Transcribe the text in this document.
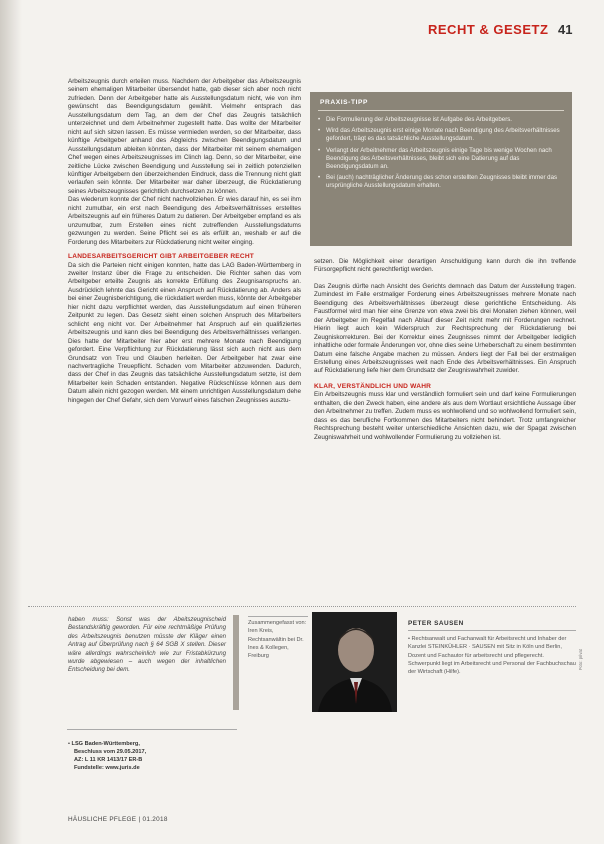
RECHT & GESETZ 41

Arbeitszeugnis durch erteilen muss. Nachdem der Arbeitgeber das Arbeitszeugnis seinem ehemaligen Mitarbeiter übersendet hatte, gab dieser sich aber noch nicht zufrieden. Denn der Arbeitgeber hatte als Ausstellungsdatum nicht, wie von ihm gewünscht das Beendigungsdatum gewählt. Vielmehr entsprach das Ausstellungsdatum dem Tag, an dem der Chef das Zeugnis tatsächlich unterzeichnet und dem Arbeitnehmer zugestellt hatte. Das wollte der Mitarbeiter nicht auf sich sitzen lassen. Es müsse vermieden werden, so der Mitarbeiter, dass künftige Arbeitgeber anhand des Abgleichs zwischen Beendigungsdatum und Ausstellungsdatum ableiten könnten, dass der Mitarbeiter mit seinem ehemaligen Chef wegen eines Arbeitszeugnisses im Clinch lag. Denn, so der Mitarbeiter, eine zeitliche Lücke zwischen Beendigung und Ausstellung sei in zeitlich potenziellen künftiger Arbeitgebern den überzeichenden Eindruck, dass die Trennung nicht glatt verlaufen sein könnte. Der Mitarbeiter war daher überzeugt, die Rückdatierung seines Arbeitszeugnisses gerichtlich durchsetzen zu können.

Das wiederum konnte der Chef nicht nachvollziehen. Er wies darauf hin, es sei ihm nicht zumutbar, ein erst nach Beendigung des Arbeitsverhältnisses erstelltes Arbeitszeugnis auf ein früheres Datum zu datieren. Der Arbeitgeber empfand es als unzumutbar, zum Erstellen eines nicht zutreffenden Ausstellungsdatums gezwungen zu werden. Seine Pflicht sei es als erfüllt an, weshalb er auf die Forderung des Mitarbeiters zur Rückdatierung nicht weiter einging.

LANDESARBEITSGERICHT GIBT ARBEITGEBER RECHT

Da sich die Parteien nicht einigen konnten, hatte das LAG Baden-Württemberg in zweiter Instanz über die Frage zu entscheiden. Die Richter sahen das vom Arbeitgeber erteilte Zeugnis als korrekte Erfüllung des Zeugnisanspruchs an. Ausdrücklich lehnte das Gericht einen Anspruch auf Rückdatierung ab. Anders als bei einer Zeugnisberichtigung, die rückdatiert werden muss, könnte der Arbeitgeber hier nicht dazu verpflichtet werden, das Ausstellungsdatum auf einen früheren Zeitpunkt zu legen. Das Gesetz sieht einen solchen Anspruch des Mitarbeiters schlicht eng nicht vor. Der Arbeitnehmer hat Anspruch auf ein qualifiziertes Arbeitszeugnis und kann dies bei Beendigung des Arbeitsverhältnisses verlangen. Dies hatte der Mitarbeiter hier aber erst mehrere Monate nach Beendigung gefordert. Eine Verpflichtung zur Rückdatierung lässt sich auch nicht aus dem Grundsatz von Treu und Glauben herleiten. Der Arbeitgeber hat zwar eine nachvertragliche Treuepflicht. Schaden vom Mitarbeiter abzuwenden. Dadurch, dass der Chef in das Zeugnis das tatsächliche Ausstellungsdatum setzte, ist dem Mitarbeiter kein Schaden entstanden. Negative Rückschlüsse können aus dem Datum allein nicht gezogen werden. Mit einem unrichtigen Ausstellungsdatum dehe hingegen der Chef Gefahr, sich dem Vorwurf eines falschen Zeugnisses ausztu-

PRAXIS-TIPP
• Die Formulierung der Arbeitszeugnisse ist Aufgabe des Arbeitgebers.
• Wird das Arbeitszeugnis erst einige Monate nach Beendigung des Arbeitsverhältnisses gefordert, trägt es das tatsächliche Ausstellungsdatum.
• Verlangt der Arbeitnehmer das Arbeitszeugnis einige Tage bis wenige Wochen nach Beendigung des Arbeitsverhältnisses, bleibt sich eine Datierung auf das Beendigungsdatum an.
• Bei (auch) nachträglicher Änderung des schon erstellten Zeugnisses bleibt immer das ursprüngliche Ausstellungsdatum erhalten.

setzen. Die Möglichkeit einer derartigen Anschuldigung kann durch die ihn treffende Fürsorgepflicht nicht gerechtfertigt werden.

Das Zeugnis dürfte nach Ansicht des Gerichts demnach das Datum der Ausstellung tragen. Zumindest im Falle erstmaliger Forderung eines Arbeitszeugnisses mehrere Monate nach Beendigung des Arbeitsverhältnisses überzeugt diese gerichtliche Entscheidung. Als Faustformel wird man hier eine Grenze von etwa zwei bis drei Monaten ziehen können, weil der Arbeitgeber im Regelfall nach Ablauf dieser Zeit nicht mehr mit Forderungen rechnet. Hierin liegt auch kein Widerspruch zur Rechtsprechung der Rückdatierung bei Zeugniskorrekturen. Bei der Korrektur eines Zeugnisses nimmt der Arbeitgeber lediglich inhaltliche oder formale Änderungen vor, ohne dies seine Urheberschaft zu einem bestimmten Datum eine falsche Angabe machen zu müssen. Anders liegt der Fall bei der erstmaligen Erstellung eines Arbeitszeugnisses weit nach Ende des Arbeitsverhältnisses. Ein Anspruch auf Rückdatierung liefe hier dem Grundsatz der Zeugniswahrheit zuwider.

KLAR, VERSTÄNDLICH UND WAHR

Ein Arbeitszeugnis muss klar und verständlich formuliert sein und darf keine Formulierungen enthalten, die den Zweck haben, eine andere als aus dem Wortlaut ersichtliche Aussage über den Arbeitnehmer zu treffen. Zudem muss es wohlwollend und so wohlwollend formuliert sein, dass es das berufliche Fortkommen des Mitarbeiters nicht behindert. Trotz umfangreicher Rechtsprechung besteht weiter unterschiedliche Ansichten dazu, wie der Spagat zwischen Zeugniswahrheit und wohlwollender Formulierung zu vollziehen ist.

haben muss: Sonst was der Abeitszeugnischeid Bestandskräftig geworden. Für eine rechtmäßige Prüfung des Arbeitszeugnis benutzen müsste der Kläger einen Antrag auf Überprüfung nach § 64 SGB X stellen. Dieser wäre allerdings wahrscheinlich wie zur Fristabkürzung wurde abgewiesen – auch wegen der inhaltlichen Entscheidung bei dem.
Zusammengefasst von: Iren Kreis, Rechtsanwältin bei Dr. Ines & Kollegen, Freiburg
• LSG Baden-Württemberg,
Beschluss vom 29.05.2017,
AZ: L 11 KR 1413/17 ER-B
Fundstelle: www.juris.de
PETER SAUSEN
• Rechtsanwalt und Fachanwalt für Arbeitsrecht und Inhaber der Kanzlei STEINKÜHLER · SAUSEN mit Sitz in Köln und Berlin, Dozent und Fachautor für arbeitsrecht und pflegerecht. Schwerpunkt liegt im Arbeitsrecht und Personal der Fachbuchschau der Wirtschaft (Hilfe).
Foto: privat
HÄUSLICHE PFLEGE | 01.2018
